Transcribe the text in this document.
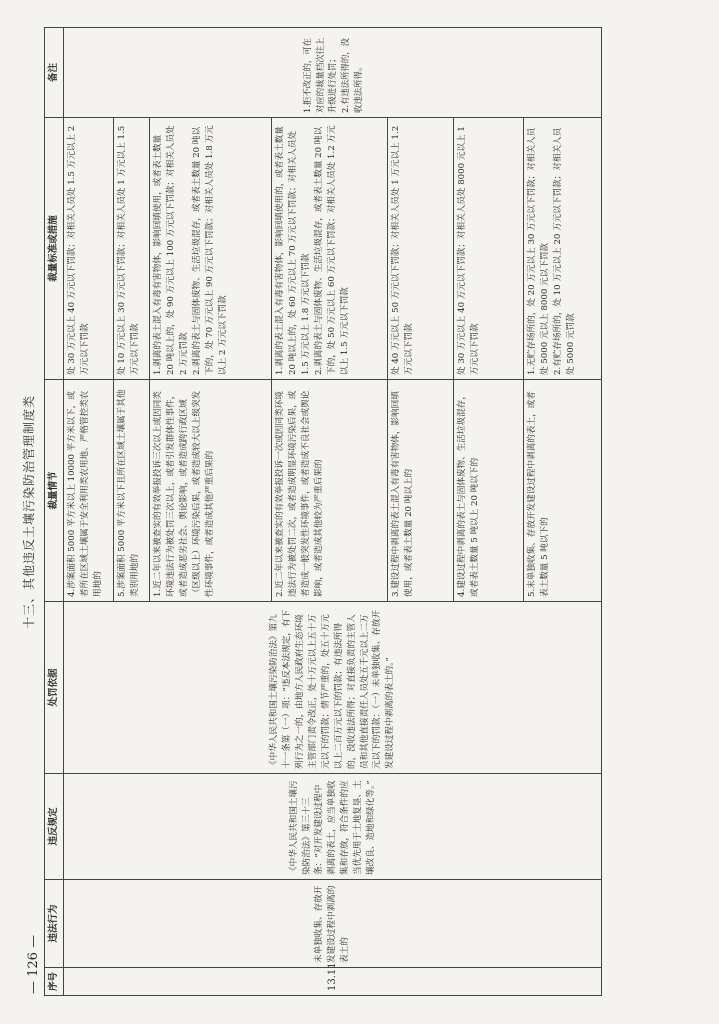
十三、其他违反土壤污染防治管理制度类
序号	违法行为	违反规定	处罚依据	裁量情节	裁量标准或措施	备注
13.11	未单独收集、存放开发建设过程中剥离的表土的	《中华人民共和国土壤污染防治法》第三十三条：“对开发建设过程中剥离的表土，应当单独收集和存放，符合条件的应当优先用于土地复垦、土壤改良、造地和绿化等。”	《中华人民共和国土壤污染防治法》第九十一条第（一）项：“违反本法规定，有下列行为之一的，由地方人民政府生态环境主管部门责令改正，处十万元以上五十万元以下的罚款；情节严重的，处五十万元以上二百万元以下的罚款；有违法所得的，没收违法所得；对直接负责的主管人员和其他直接责任人员处五千元以上二万元以下的罚款：（一）未单独收集、存放开发建设过程中剥离的表土的。”	4.涉案面积 5000 平方米以上 10000 平方米以下，或者所在区域土壤属于安全利用类农用地、严格管控类农用地的	处 30 万元以上 40 万元以下罚款；对相关人员处 1.5 万元以上 2 万元以下罚款	1.拒不改正的，可在对应的裁量档次往上升级进行处罚；
2.有违法所得的，没收违法所得。
				5.涉案面积 5000 平方米以下且所在区域土壤属于其他类别用地的	处 10 万元以上 30 万元以下罚款；对相关人员处 1 万元以上 1.5 万元以下罚款	
				1.近二年以来被查实的有效举报投诉三次以上或因同类环境违法行为被处罚三次以上，或者引发群体性事件，或者造成恶劣社会、舆论影响，或者造成跨行政区域（区级以上）环境污染后果，或者造成较大以上级突发性环境事件，或者造成其他严重后果的	1.剥离的表土混入有毒有害物体，影响回填使用，或者表土数量 20 吨以上的，处 90 万元以上 100 万元以下罚款；对相关人员处 2 万元罚款
2.剥离的表土与固体废物、生活垃圾混存，或者表土数量 20 吨以下的，处 70 万元以上 90 万元以下罚款；对相关人员处 1.8 万元以上 2 万元以下罚款	
				2.近二年以来被查实的有效举报投诉一次或因同类环境违法行为被处罚二次，或者造成明显环境污染后果，或者造成一般突发性环境事件，或者造成不良社会或舆论影响，或者造成其他较为严重后果的	1.剥离的表土混入有毒有害物体，影响回填使用的，或者表土数量 20 吨以上的，处 60 万元以上 70 万元以下罚款；对相关人员处 1.5 万元以上 1.8 万元以下罚款
2.剥离的表土与固体废物、生活垃圾混存，或者表土数量 20 吨以下的，处 50 万元以上 60 万元以下罚款；对相关人员处 1.2 万元以上 1.5 万元以下罚款	
				3.建设过程中剥离的表土混入有毒有害物体，影响回填使用，或者表土数量 20 吨以上的	处 40 万元以上 50 万元以下罚款；对相关人员处 1 万元以上 1.2 万元以下罚款	
				4.建设过程中剥离的表土与固体废物、生活垃圾混存，或者表土数量 5 吨以上 20 吨以下的	处 30 万元以上 40 万元以下罚款；对相关人员处 8000 元以上 1 万元以下罚款	
				5.未单独收集、存放开发建设过程中剥离的表土，或者表土数量 5 吨以下的	1.无贮存场所的，处 20 万元以上 30 万元以下罚款；对相关人员处 5000 元以上 8000 元以下罚款
2.有贮存场所的，处 10 万元以上 20 万元以下罚款；对相关人员处 5000 元罚款	
— 126 —
